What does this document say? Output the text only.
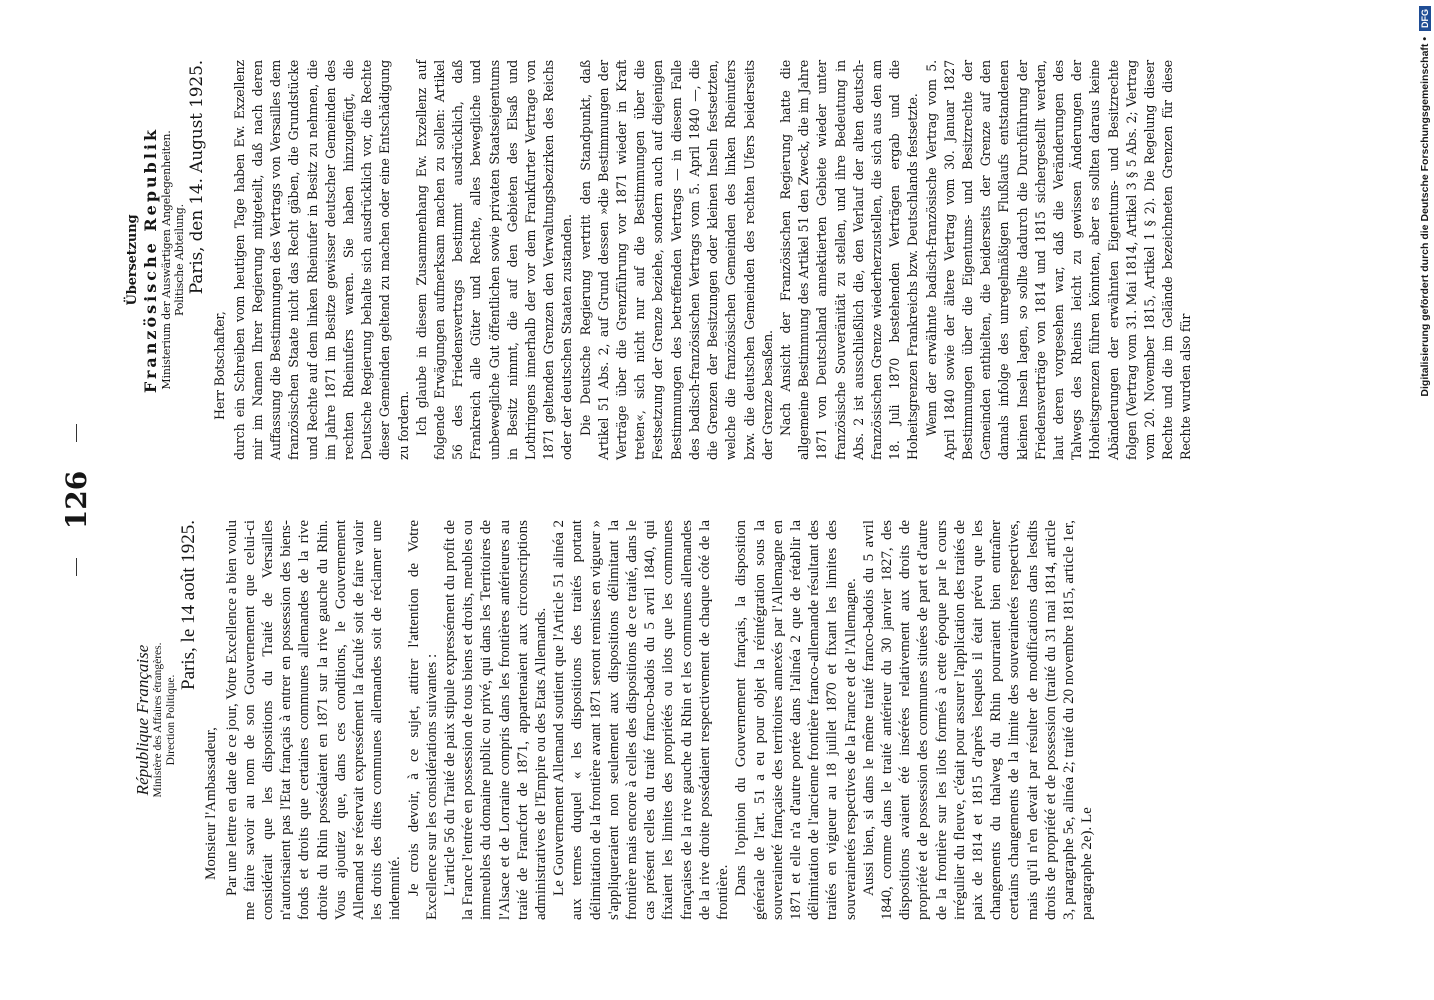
126
République Française Ministère des Affaires étrangères. Direction Politique.
Paris, le 14 août 1925.
Monsieur l'Ambassadeur, Par une lettre en date de ce jour, Votre Excellence a bien voulu me faire savoir au nom de son Gouvernement que celui-ci considérait que les dispositions du Traité de Versailles n'autorisaient pas l'Etat français à entrer en possession des biens-fonds et droits que certaines communes allemandes de la rive droite du Rhin possédaient en 1871 sur la rive gauche du Rhin. Vous ajoutiez que, dans ces conditions, le Gouvernement Allemand se réservait expressément la faculté soit de faire valoir les droits des dites communes allemandes soit de réclamer une indemnité. Je crois devoir, à ce sujet, attirer l'attention de Votre Excellence sur les considérations suivantes : L'article 56 du Traité de paix stipule expressément du profit de la France l'entrée en possession de tous biens et droits, meubles ou immeubles du domaine public ou privé, qui dans les Territoires de l'Alsace et de Lorraine compris dans les frontières antérieures au traité de Francfort de 1871, appartenaient aux circonscriptions administratives de l'Empire ou des Etats Allemands. Le Gouvernement Allemand soutient que l'Article 51 alinéa 2 aux termes duquel « les dispositions des traités portant délimitation de la frontière avant 1871 seront remises en vigueur » s'appliqueraient non seulement aux dispositions délimitant la frontière mais encore à celles des dispositions de ce traité, dans le cas présent celles du traité franco-badois du 5 avril 1840, qui fixaient les limites des propriétés ou ilots que les communes françaises de la rive gauche du Rhin et les communes allemandes de la rive droite possédaient respectivement de chaque côté de la frontière. Dans l'opinion du Gouvernement français, la disposition générale de l'art. 51 a eu pour objet la réintégration sous la souveraineté française des territoires annexés par l'Allemagne en 1871 et elle n'a d'autre portée dans l'alinéa 2 que de rétablir la délimitation de l'ancienne frontière franco-allemande résultant des traités en vigueur au 18 juillet 1870 et fixant les limites des souverainetés respectives de la France et de l'Allemagne. Aussi bien, si dans le même traité franco-badois du 5 avril 1840, comme dans le traité antérieur du 30 janvier 1827, des dispositions avaient été insérées relativement aux droits de propriété et de possession des communes situées de part et d'autre de la frontière sur les ilots formés à cette époque par le cours irrégulier du fleuve, c'était pour assurer l'application des traités de paix de 1814 et 1815 d'après lesquels il était prévu que les changements du thalweg du Rhin pourraient bien entraîner certains changements de la limite des souverainetés respectives, mais qu'il n'en devait par résulter de modifications dans lesdits droits de propriété et de possession (traité du 31 mai 1814, article 3, paragraphe 5e, alinéa 2; traité du 20 novembre 1815, article 1er, paragraphe 2e). Le

Übersetzung Französische Republik Ministerium der Auswärtigen Angelegenheiten. Politische Abteilung. Paris, den 14. August 1925.
Herr Botschafter, durch ein Schreiben vom heutigen Tage haben Ew. Exzellenz mir im Namen Ihrer Regierung mitgeteilt, daß nach deren Auffassung die Bestimmungen des Vertrags von Versailles dem französischen Staate nicht das Recht gäben, die Grundstücke und Rechte auf dem linken Rheinufer in Besitz zu nehmen, die im Jahre 1871 im Besitze gewisser deutscher Gemeinden des rechten Rheinufers waren. Sie haben hinzugefügt, die Deutsche Regierung behalte sich ausdrücklich vor, die Rechte dieser Gemeinden geltend zu machen oder eine Entschädigung zu fordern. Ich glaube in diesem Zusammenhang Ew. Exzellenz auf folgende Erwägungen aufmerksam machen zu sollen: Artikel 56 des Friedensvertrags bestimmt ausdrücklich, daß Frankreich alle Güter und Rechte, alles bewegliche und unbewegliche Gut öffentlichen sowie privaten Staatseigentums in Besitz nimmt, die auf den Gebieten des Elsaß und Lothringens innerhalb der vor dem Frankfurter Vertrage von 1871 geltenden Grenzen den Verwaltungsbezirken des Reichs oder der deutschen Staaten zustanden. Die Deutsche Regierung vertritt den Standpunkt, daß Artikel 51 Abs. 2, auf Grund dessen »die Bestimmungen der Verträge über die Grenzführung vor 1871 wieder in Kraft treten«, sich nicht nur auf die Bestimmungen über die Festsetzung der Grenze beziehe, sondern auch auf diejenigen Bestimmungen des betreffenden Vertrags — in diesem Falle des badisch-französischen Vertrags vom 5. April 1840 —, die die Grenzen der Besitzungen oder kleinen Inseln festsetzten, welche die französischen Gemeinden des linken Rheinufers bzw. die deutschen Gemeinden des rechten Ufers beiderseits der Grenze besaßen. Nach Ansicht der Französischen Regierung hatte die allgemeine Bestimmung des Artikel 51 den Zweck, die im Jahre 1871 von Deutschland annektierten Gebiete wieder unter französische Souveränität zu stellen, und ihre Bedeutung in Abs. 2 ist ausschließlich die, den Verlauf der alten deutsch-französischen Grenze wiederherzustellen, die sich aus den am 18. Juli 1870 bestehenden Verträgen ergab und die Hoheitsgrenzen Frankreichs bzw. Deutschlands festsetzte. Wenn der erwähnte badisch-französische Vertrag vom 5. April 1840 sowie der ältere Vertrag vom 30. Januar 1827 Bestimmungen über die Eigentums- und Besitzrechte der Gemeinden enthielten, die beiderseits der Grenze auf den damals infolge des unregelmäßigen Flußlaufs entstandenen kleinen Inseln lagen, so sollte dadurch die Durchführung der Friedensverträge von 1814 und 1815 sichergestellt werden, laut deren vorgesehen war, daß die Veränderungen des Talwegs des Rheins leicht zu gewissen Änderungen der Hoheitsgrenzen führen könnten, aber es sollten daraus keine Abänderungen der erwähnten Eigentums- und Besitzrechte folgen (Vertrag vom 31. Mai 1814, Artikel 3 § 5 Abs. 2; Vertrag vom 20. November 1815, Artikel 1 § 2). Die Regelung dieser Rechte und die im Gelände bezeichneten Grenzen für diese Rechte wurden also für	Digitalisierung gefördert durch die Deutsche Forschungsgemeinschaft •DFG
